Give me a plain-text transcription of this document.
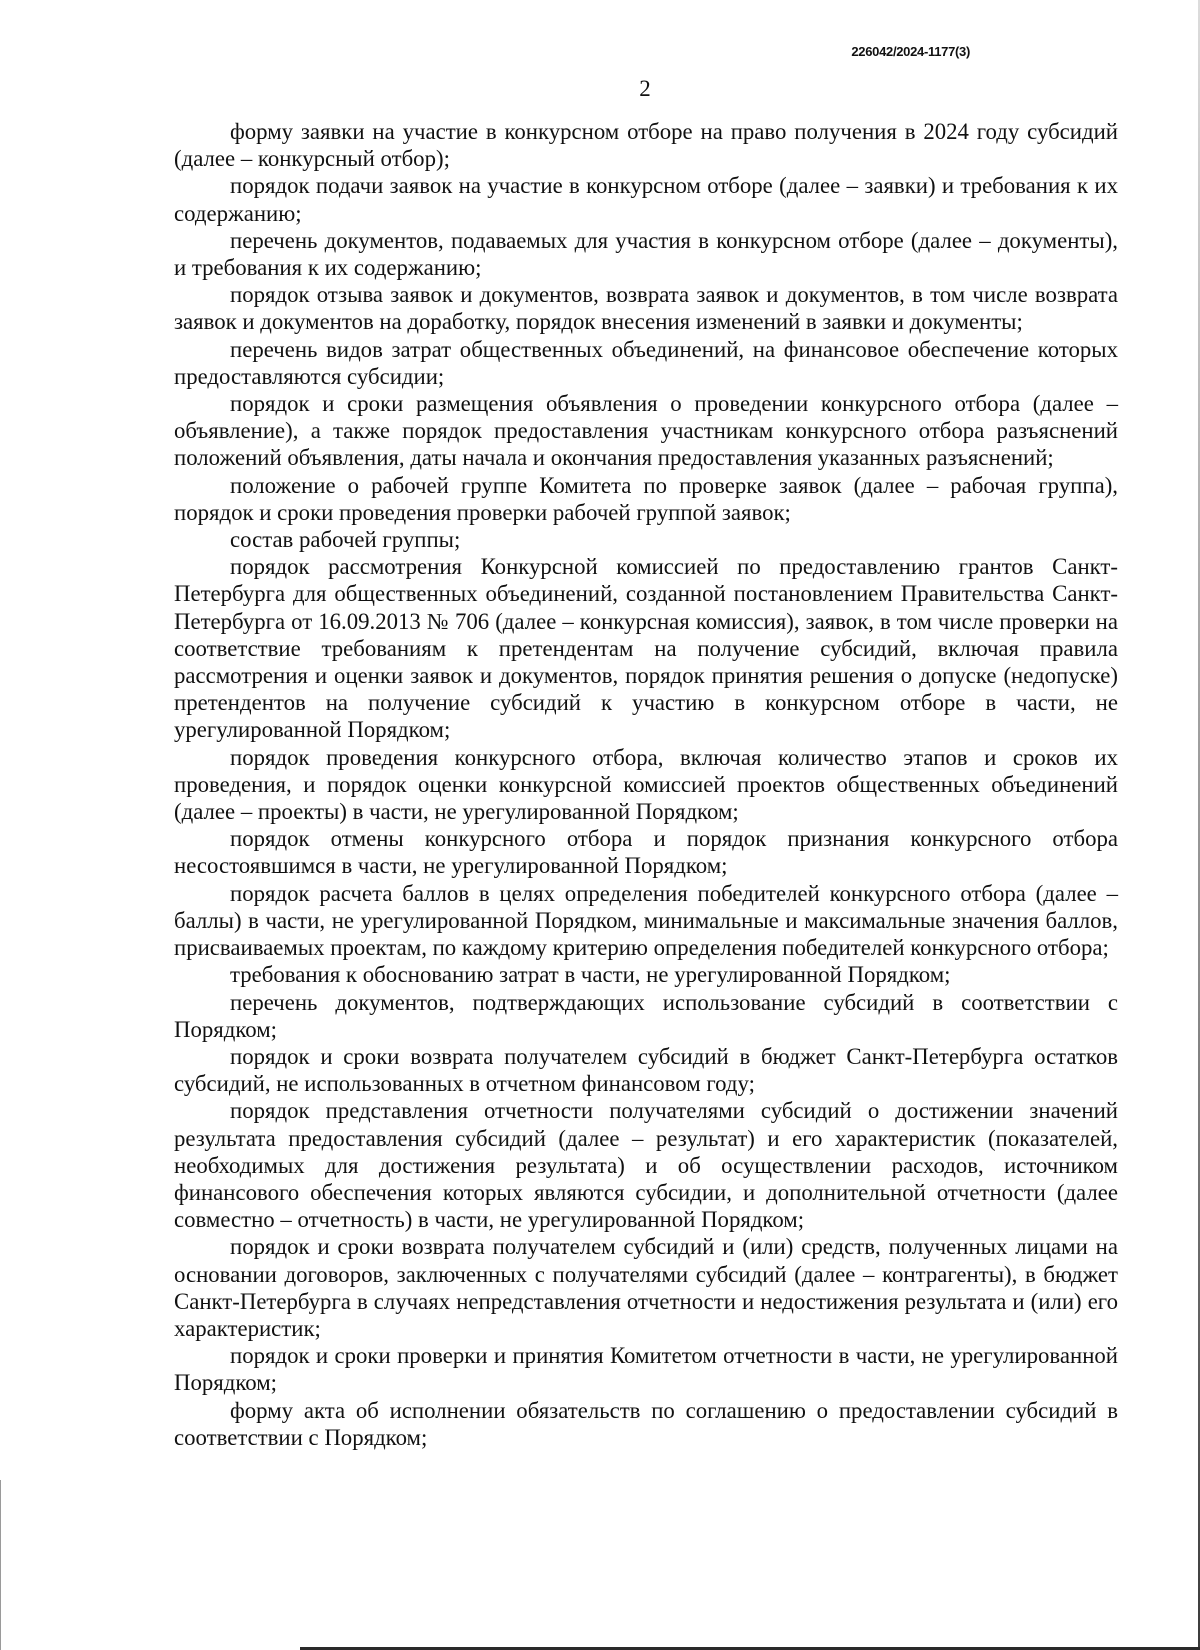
226042/2024-1177(3)
2

форму заявки на участие в конкурсном отборе на право получения в 2024 году субсидий (далее – конкурсный отбор);

порядок подачи заявок на участие в конкурсном отборе (далее – заявки) и требования к их содержанию;

перечень документов, подаваемых для участия в конкурсном отборе (далее – документы), и требования к их содержанию;

порядок отзыва заявок и документов, возврата заявок и документов, в том числе возврата заявок и документов на доработку, порядок внесения изменений в заявки и документы;

перечень видов затрат общественных объединений, на финансовое обеспечение которых предоставляются субсидии;

порядок и сроки размещения объявления о проведении конкурсного отбора (далее – объявление), а также порядок предоставления участникам конкурсного отбора разъяснений положений объявления, даты начала и окончания предоставления указанных разъяснений;

положение о рабочей группе Комитета по проверке заявок (далее – рабочая группа), порядок и сроки проведения проверки рабочей группой заявок;

состав рабочей группы;

порядок рассмотрения Конкурсной комиссией по предоставлению грантов Санкт-Петербурга для общественных объединений, созданной постановлением Правительства Санкт-Петербурга от 16.09.2013 № 706 (далее – конкурсная комиссия), заявок, в том числе проверки на соответствие требованиям к претендентам на получение субсидий, включая правила рассмотрения и оценки заявок и документов, порядок принятия решения о допуске (недопуске) претендентов на получение субсидий к участию в конкурсном отборе в части, не урегулированной Порядком;

порядок проведения конкурсного отбора, включая количество этапов и сроков их проведения, и порядок оценки конкурсной комиссией проектов общественных объединений (далее – проекты) в части, не урегулированной Порядком;

порядок отмены конкурсного отбора и порядок признания конкурсного отбора несостоявшимся в части, не урегулированной Порядком;

порядок расчета баллов в целях определения победителей конкурсного отбора (далее – баллы) в части, не урегулированной Порядком, минимальные и максимальные значения баллов, присваиваемых проектам, по каждому критерию определения победителей конкурсного отбора;

требования к обоснованию затрат в части, не урегулированной Порядком;

перечень документов, подтверждающих использование субсидий в соответствии с Порядком;

порядок и сроки возврата получателем субсидий в бюджет Санкт-Петербурга остатков субсидий, не использованных в отчетном финансовом году;

порядок представления отчетности получателями субсидий о достижении значений результата предоставления субсидий (далее – результат) и его характеристик (показателей, необходимых для достижения результата) и об осуществлении расходов, источником финансового обеспечения которых являются субсидии, и дополнительной отчетности (далее совместно – отчетность) в части, не урегулированной Порядком;

порядок и сроки возврата получателем субсидий и (или) средств, полученных лицами на основании договоров, заключенных с получателями субсидий (далее – контрагенты), в бюджет Санкт-Петербурга в случаях непредставления отчетности и недостижения результата и (или) его характеристик;

порядок и сроки проверки и принятия Комитетом отчетности в части, не урегулированной Порядком;

форму акта об исполнении обязательств по соглашению о предоставлении субсидий в соответствии с Порядком;
